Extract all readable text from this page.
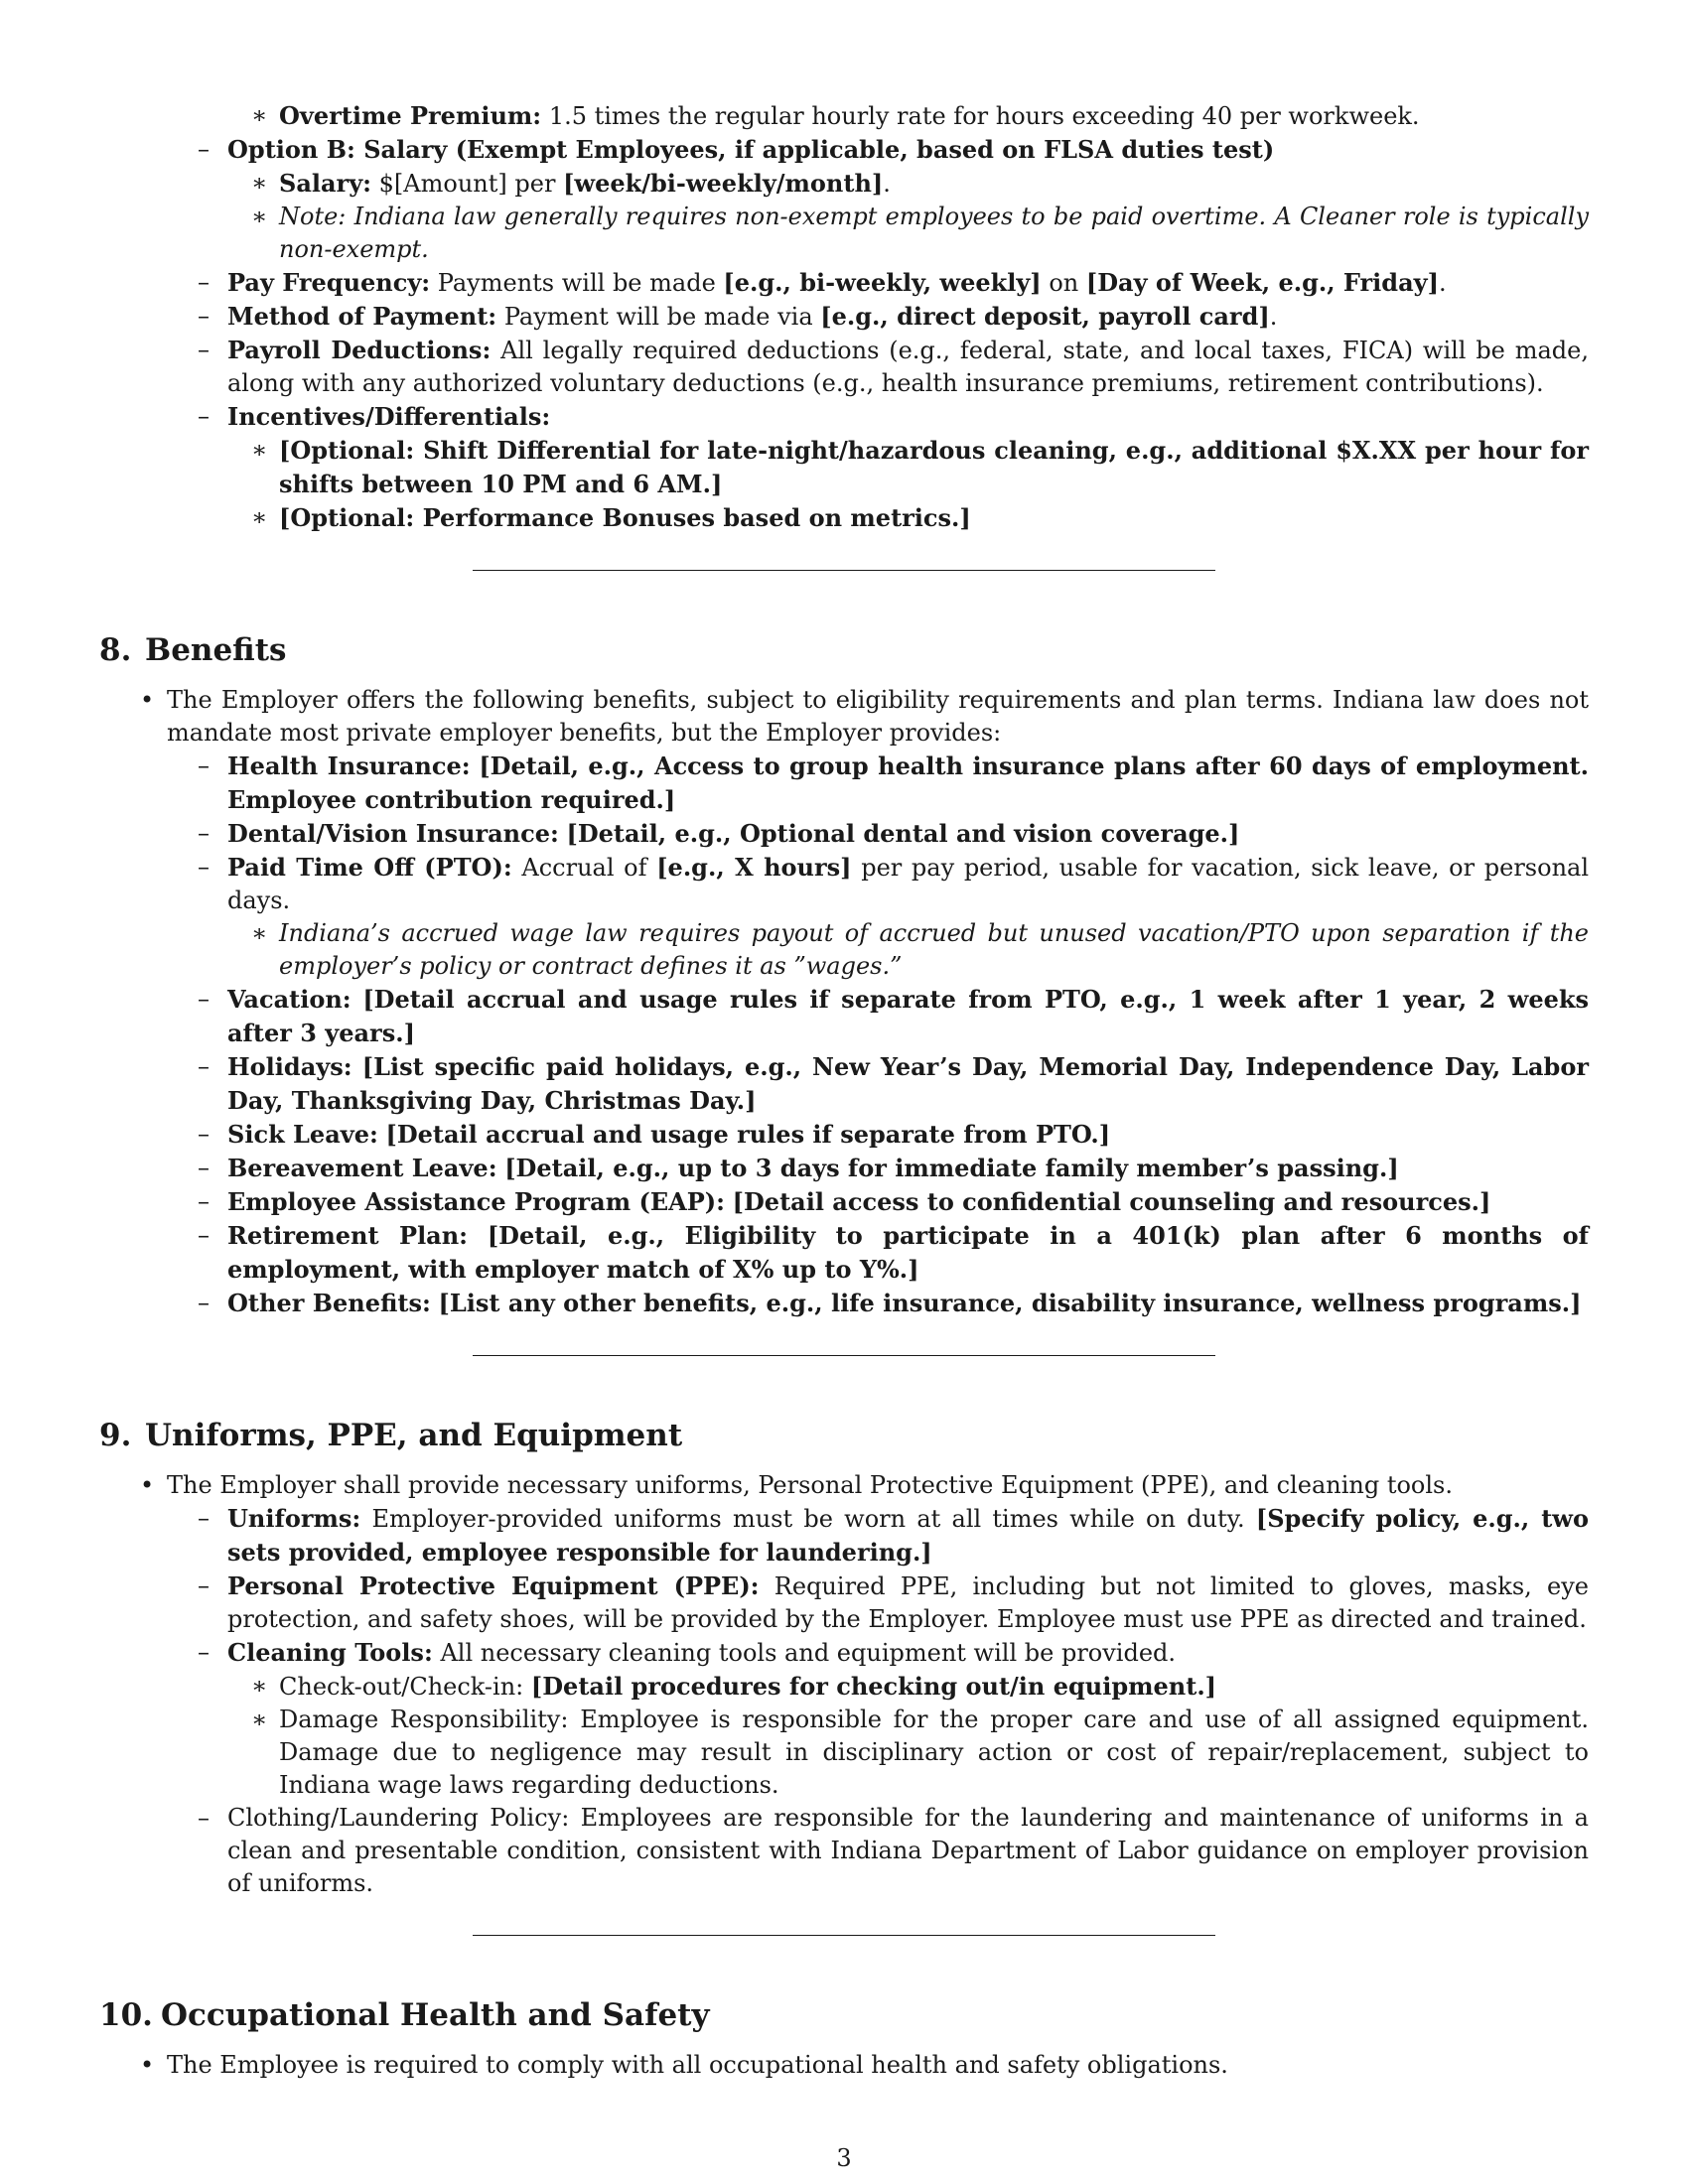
∗ Overtime Premium: 1.5 times the regular hourly rate for hours exceeding 40 per workweek.
– Option B: Salary (Exempt Employees, if applicable, based on FLSA duties test)
∗ Salary: $[Amount] per [week/bi-weekly/month].
∗ Note: Indiana law generally requires non-exempt employees to be paid overtime. A Cleaner role is typically non-exempt.
– Pay Frequency: Payments will be made [e.g., bi-weekly, weekly] on [Day of Week, e.g., Friday].
– Method of Payment: Payment will be made via [e.g., direct deposit, payroll card].
– Payroll Deductions: All legally required deductions (e.g., federal, state, and local taxes, FICA) will be made, along with any authorized voluntary deductions (e.g., health insurance premiums, retirement contributions).
– Incentives/Differentials:
∗ [Optional: Shift Differential for late-night/hazardous cleaning, e.g., additional $X.XX per hour for shifts between 10 PM and 6 AM.]
∗ [Optional: Performance Bonuses based on metrics.]
8. Benefits
• The Employer offers the following benefits, subject to eligibility requirements and plan terms. Indiana law does not mandate most private employer benefits, but the Employer provides:
– Health Insurance: [Detail, e.g., Access to group health insurance plans after 60 days of employment. Employee contribution required.]
– Dental/Vision Insurance: [Detail, e.g., Optional dental and vision coverage.]
– Paid Time Off (PTO): Accrual of [e.g., X hours] per pay period, usable for vacation, sick leave, or personal days.
∗ Indiana’s accrued wage law requires payout of accrued but unused vacation/PTO upon separation if the employer’s policy or contract defines it as ”wages.”
– Vacation: [Detail accrual and usage rules if separate from PTO, e.g., 1 week after 1 year, 2 weeks after 3 years.]
– Holidays: [List specific paid holidays, e.g., New Year’s Day, Memorial Day, Independence Day, Labor Day, Thanksgiving Day, Christmas Day.]
– Sick Leave: [Detail accrual and usage rules if separate from PTO.]
– Bereavement Leave: [Detail, e.g., up to 3 days for immediate family member’s passing.]
– Employee Assistance Program (EAP): [Detail access to confidential counseling and resources.]
– Retirement Plan: [Detail, e.g., Eligibility to participate in a 401(k) plan after 6 months of employment, with employer match of X% up to Y%.]
– Other Benefits: [List any other benefits, e.g., life insurance, disability insurance, wellness programs.]
9. Uniforms, PPE, and Equipment
• The Employer shall provide necessary uniforms, Personal Protective Equipment (PPE), and cleaning tools.
– Uniforms: Employer-provided uniforms must be worn at all times while on duty. [Specify policy, e.g., two sets provided, employee responsible for laundering.]
– Personal Protective Equipment (PPE): Required PPE, including but not limited to gloves, masks, eye protection, and safety shoes, will be provided by the Employer. Employee must use PPE as directed and trained.
– Cleaning Tools: All necessary cleaning tools and equipment will be provided.
∗ Check-out/Check-in: [Detail procedures for checking out/in equipment.]
∗ Damage Responsibility: Employee is responsible for the proper care and use of all assigned equipment. Damage due to negligence may result in disciplinary action or cost of repair/replacement, subject to Indiana wage laws regarding deductions.
– Clothing/Laundering Policy: Employees are responsible for the laundering and maintenance of uniforms in a clean and presentable condition, consistent with Indiana Department of Labor guidance on employer provision of uniforms.
10. Occupational Health and Safety
• The Employee is required to comply with all occupational health and safety obligations.
3
